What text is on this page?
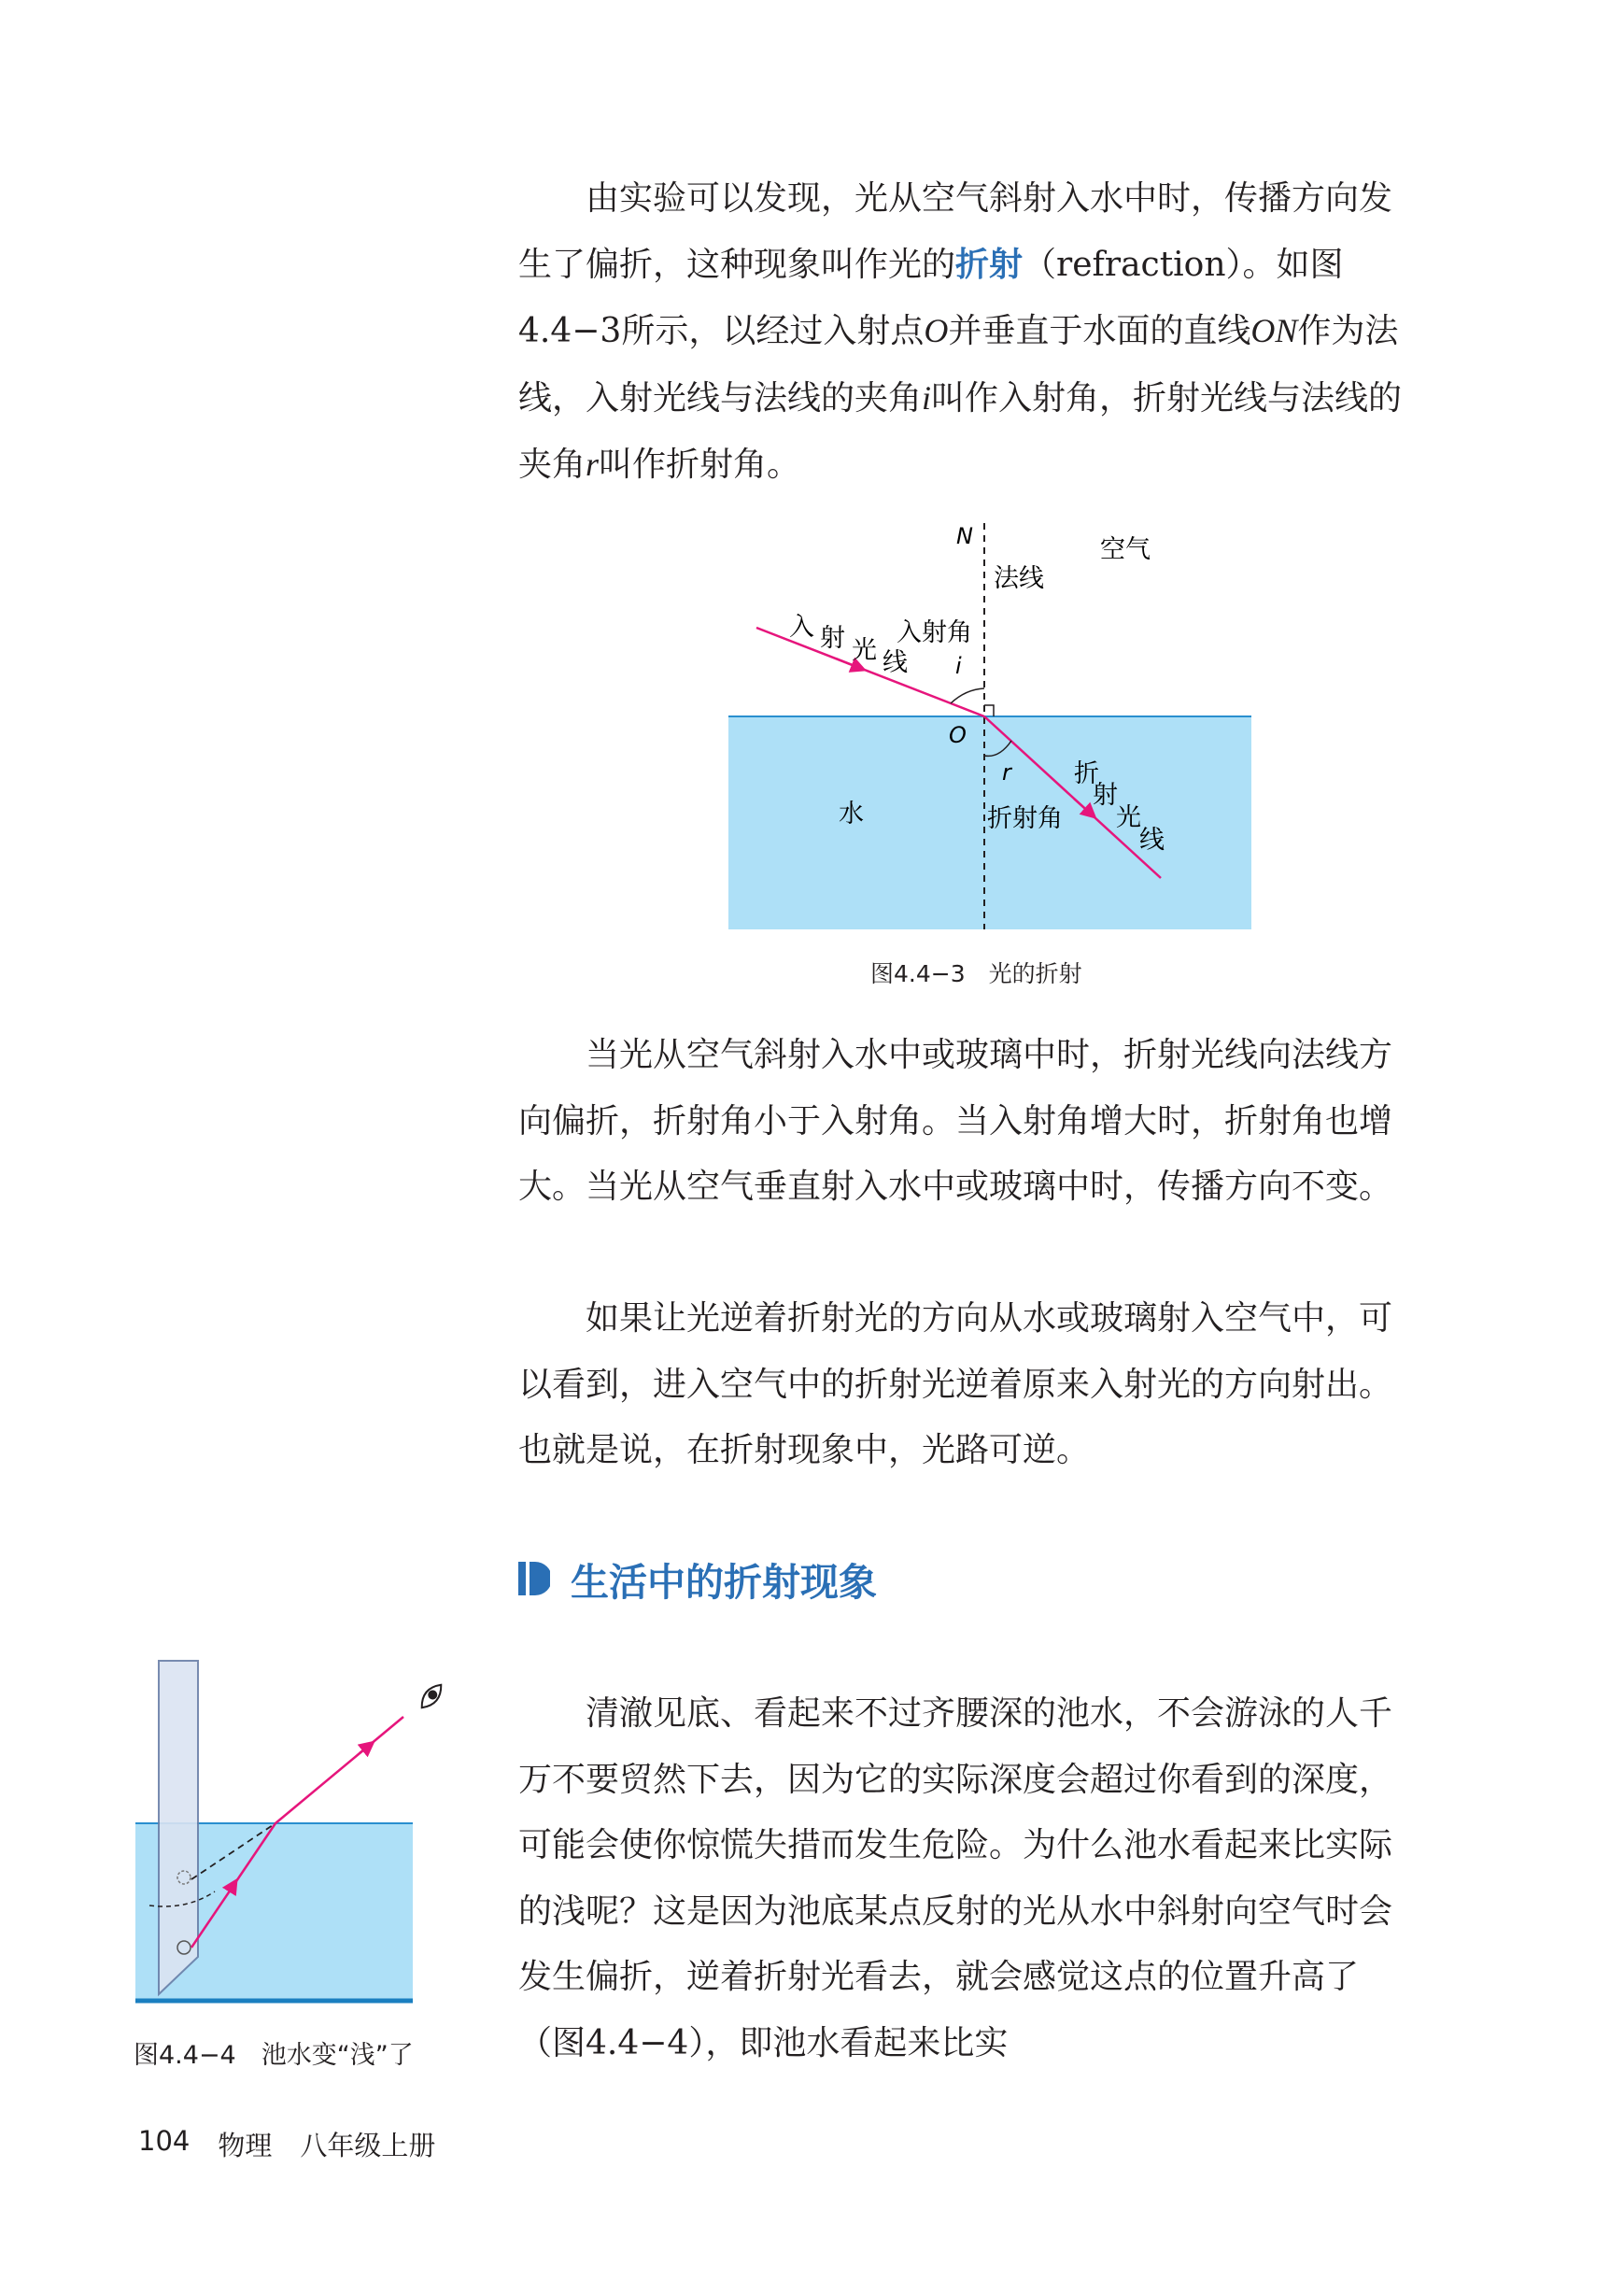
由实验可以发现，光从空气斜射入水中时，传播方向发生了偏折，这种现象叫作光的折射（refraction）。如图4.4−3所示，以经过入射点O并垂直于水面的直线ON作为法线，入射光线与法线的夹角i叫作入射角，折射光线与法线的夹角r叫作折射角。

N
法线
空气
入 射 光 线
入射角
i
O
r
水	折射角
折
射
光
线
图4.4−3　光的折射

当光从空气斜射入水中或玻璃中时，折射光线向法线方向偏折，折射角小于入射角。当入射角增大时，折射角也增大。当光从空气垂直射入水中或玻璃中时，传播方向不变。

如果让光逆着折射光的方向从水或玻璃射入空气中，可以看到，进入空气中的折射光逆着原来入射光的方向射出。也就是说，在折射现象中，光路可逆。

生活中的折射现象
图4.4−4　池水变“浅”了

清澈见底、看起来不过齐腰深的池水，不会游泳的人千万不要贸然下去，因为它的实际深度会超过你看到的深度，可能会使你惊慌失措而发生危险。为什么池水看起来比实际的浅呢？这是因为池底某点反射的光从水中斜射向空气时会发生偏折，逆着折射光看去，就会感觉这点的位置升高了（图4.4−4），即池水看起来比实

104 物理 八年级上册
